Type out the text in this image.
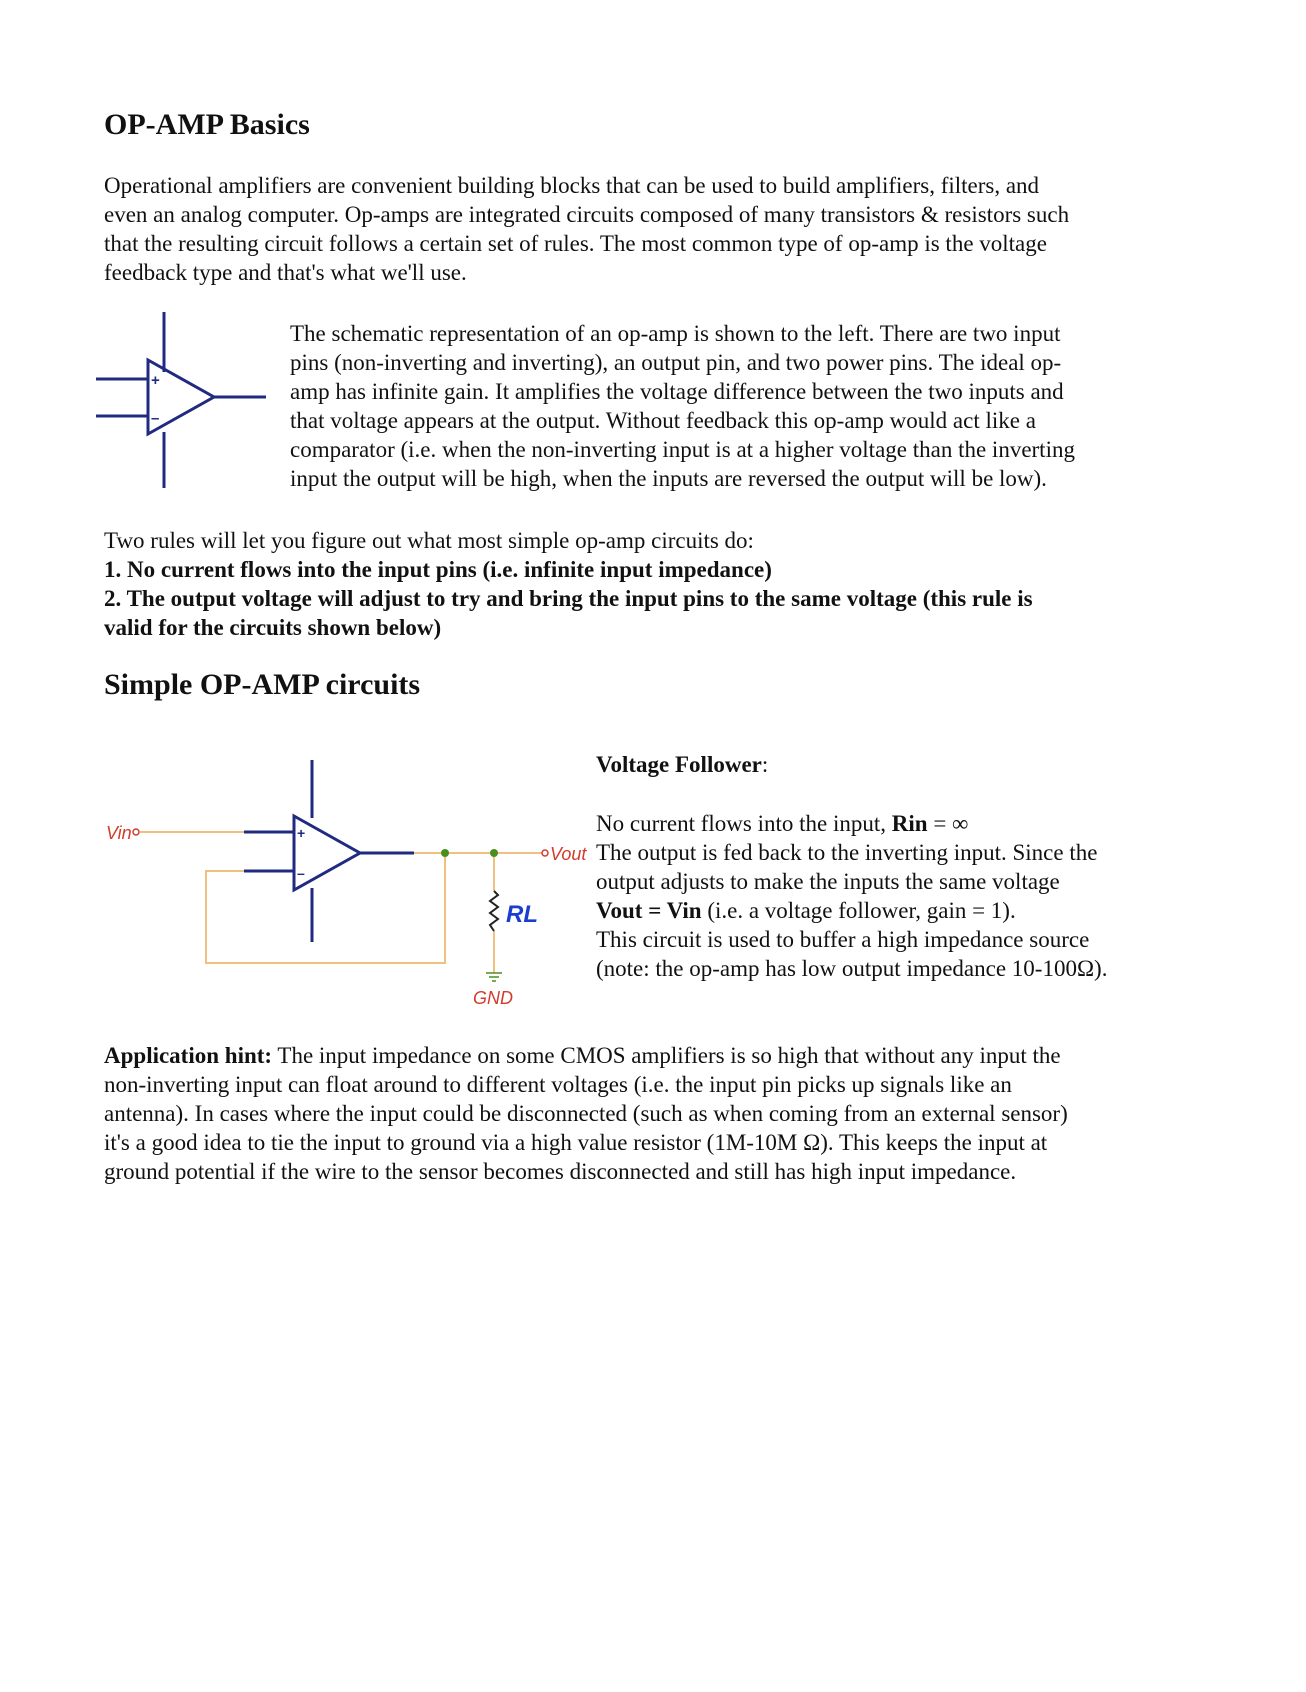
OP-AMP Basics

Operational amplifiers are convenient building blocks that can be used to build amplifiers, filters, and
even an analog computer. Op-amps are integrated circuits composed of many transistors & resistors such
that the resulting circuit follows a certain set of rules. The most common type of op-amp is the voltage
feedback type and that's what we'll use.

+
–

The schematic representation of an op-amp is shown to the left. There are two input
pins (non-inverting and inverting), an output pin, and two power pins. The ideal op-
amp has infinite gain. It amplifies the voltage difference between the two inputs and
that voltage appears at the output. Without feedback this op-amp would act like a
comparator (i.e. when the non-inverting input is at a higher voltage than the inverting
input the output will be high, when the inputs are reversed the output will be low).

Two rules will let you figure out what most simple op-amp circuits do:
1. No current flows into the input pins (i.e. infinite input impedance)
2. The output voltage will adjust to try and bring the input pins to the same voltage (this rule is
valid for the circuits shown below)

Simple OP-AMP circuits
+
–
Vin
Vout
RL
GND

Voltage Follower:

No current flows into the input, Rin = ∞
The output is fed back to the inverting input. Since the
output adjusts to make the inputs the same voltage
Vout = Vin (i.e. a voltage follower, gain = 1).
This circuit is used to buffer a high impedance source
(note: the op-amp has low output impedance 10-100Ω).

Application hint: The input impedance on some CMOS amplifiers is so high that without any input the
non-inverting input can float around to different voltages (i.e. the input pin picks up signals like an
antenna). In cases where the input could be disconnected (such as when coming from an external sensor)
it's a good idea to tie the input to ground via a high value resistor (1M-10M Ω). This keeps the input at
ground potential if the wire to the sensor becomes disconnected and still has high input impedance.
